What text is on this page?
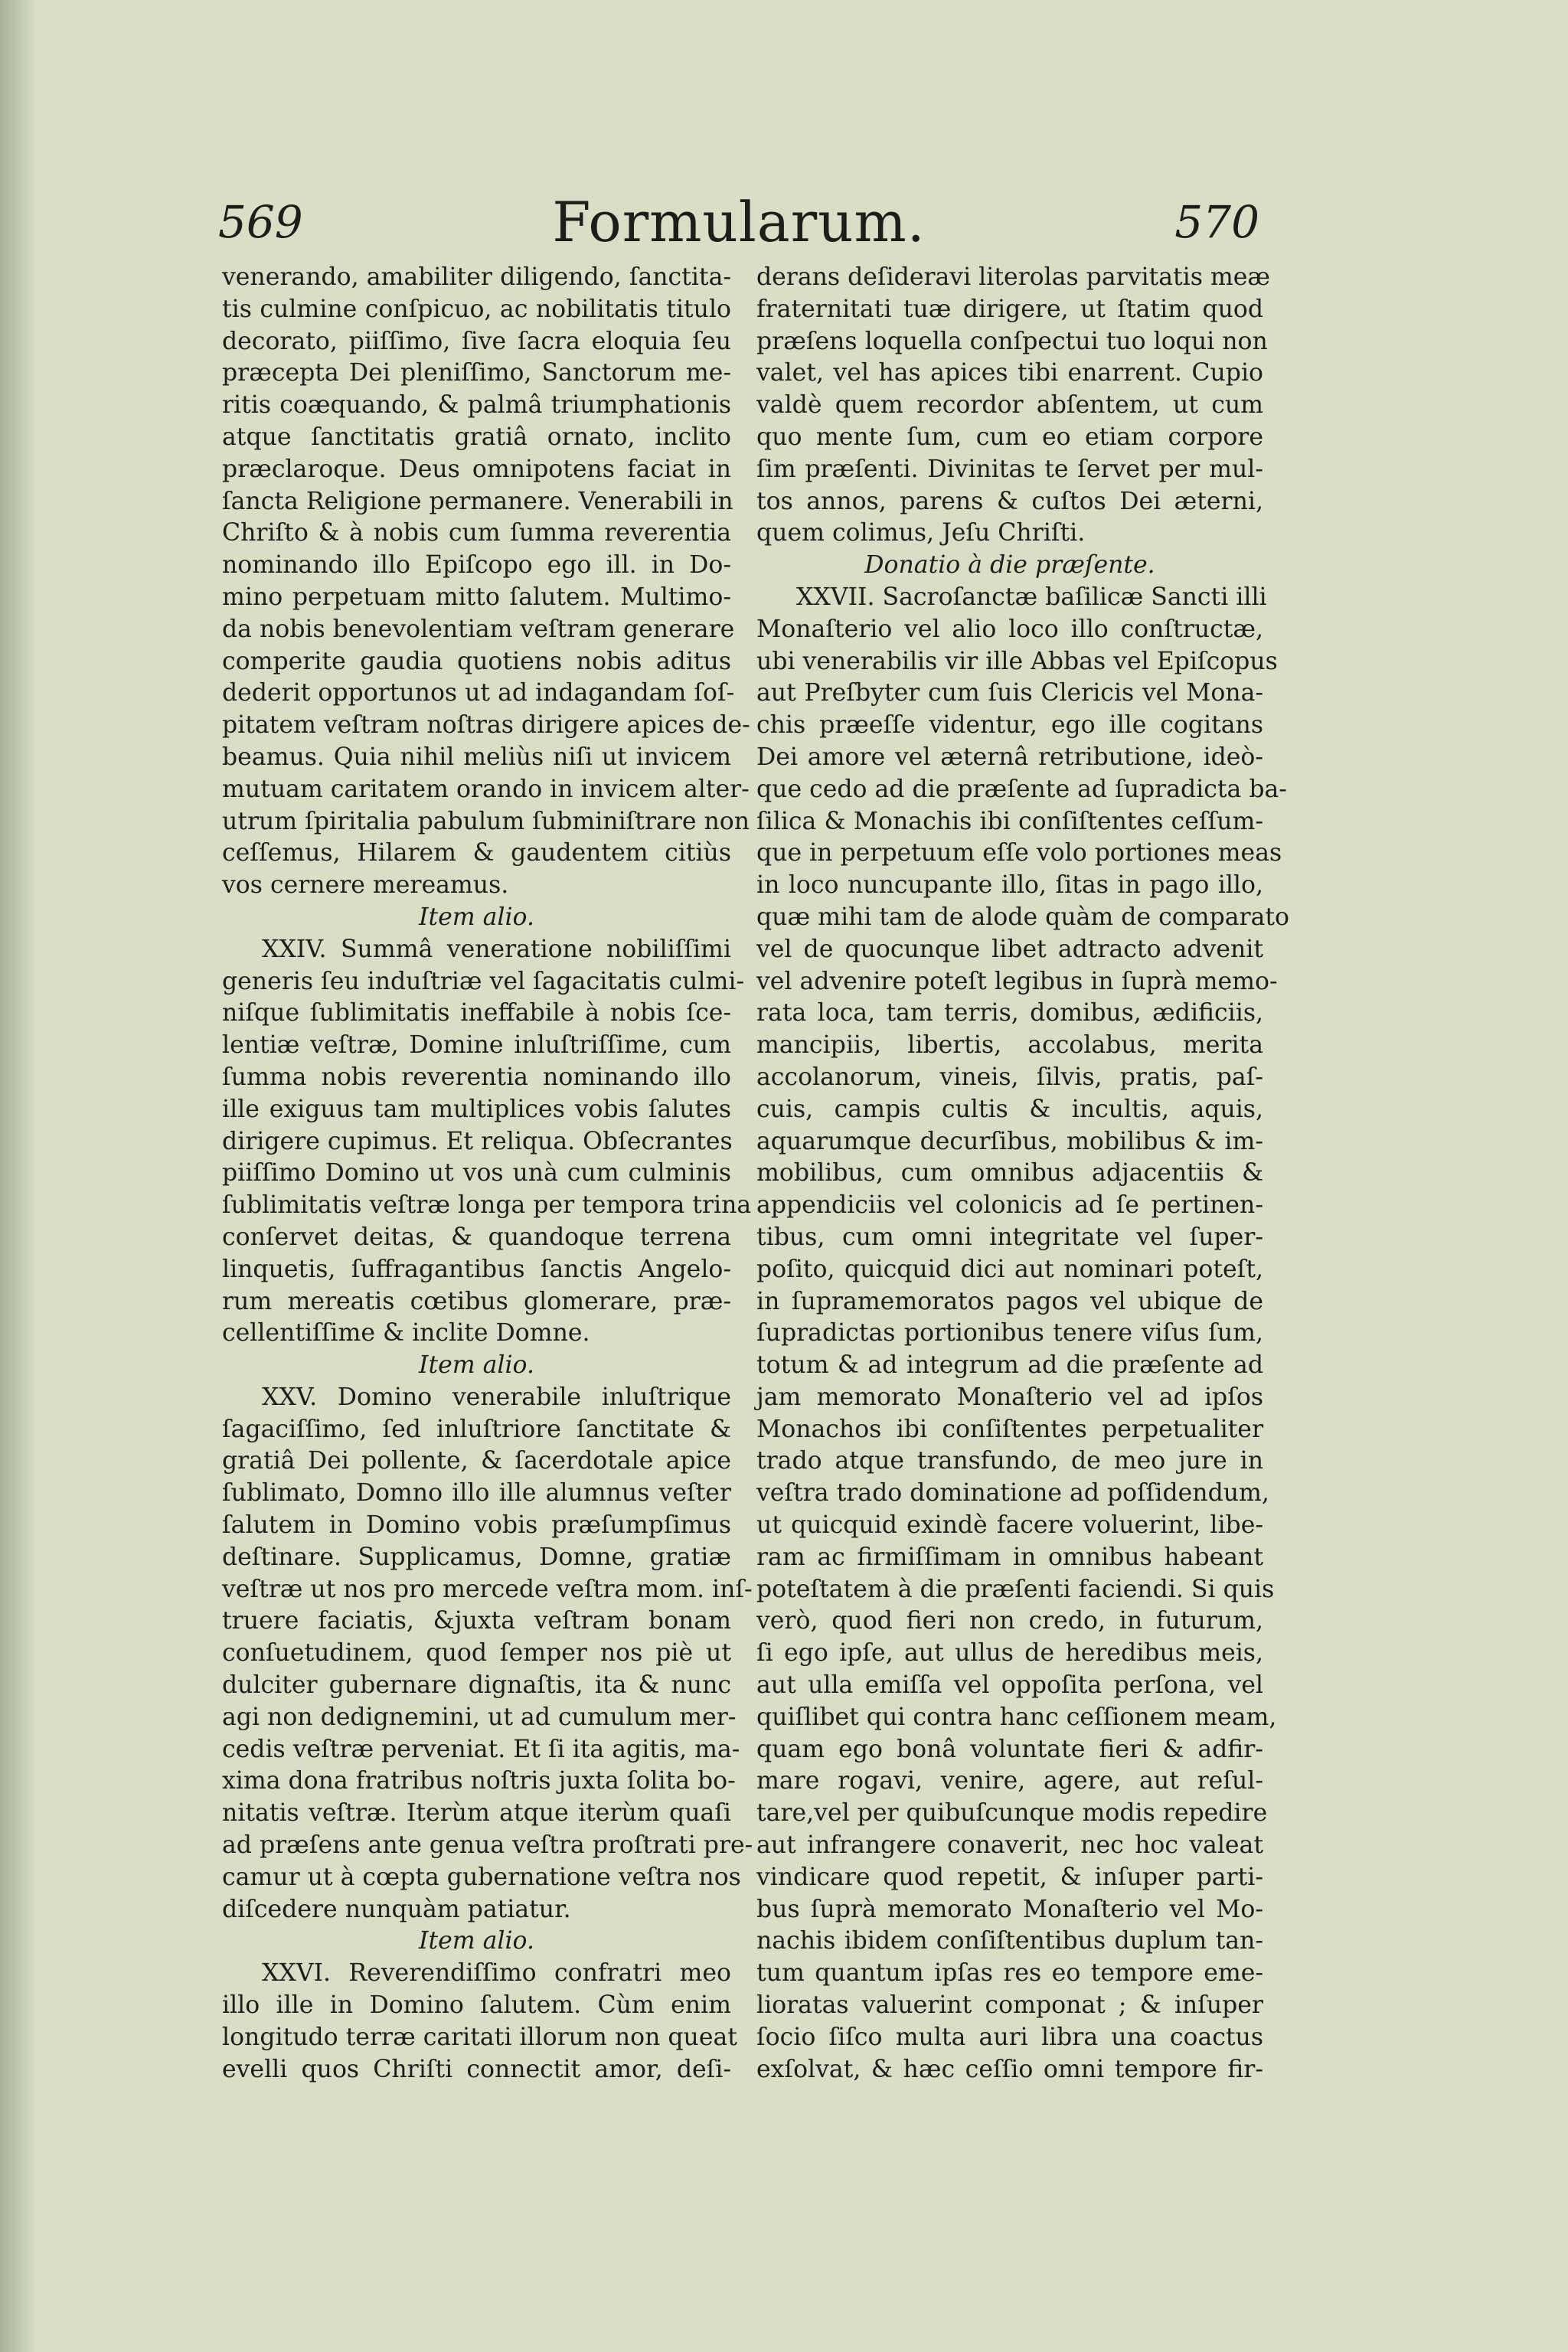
569	Formularum.	570
venerando, amabiliter diligendo, ſanctita-
tis culmine conſpicuo, ac nobilitatis titulo
decorato, piiſſimo, ſive ſacra eloquia ſeu
præcepta Dei pleniſſimo, Sanctorum me-
ritis coæquando, & palmâ triumphationis
atque ſanctitatis gratiâ ornato, inclito
præclaroque. Deus omnipotens faciat in
ſancta Religione permanere. Venerabili in
Chriſto & à nobis cum ſumma reverentia
nominando illo Epiſcopo ego ill. in Do-
mino perpetuam mitto ſalutem. Multimo-
da nobis benevolentiam veſtram generare
comperite gaudia quotiens nobis aditus
dederit opportunos ut ad indagandam ſoſ-
pitatem veſtram noſtras dirigere apices de-
beamus. Quia nihil meliùs niſi ut invicem
mutuam caritatem orando in invicem alter-
utrum ſpiritalia pabulum ſubminiſtrare non
ceſſemus, Hilarem & gaudentem citiùs
vos cernere mereamus.
Item alio.
XXIV. Summâ veneratione nobiliſſimi
generis ſeu induſtriæ vel ſagacitatis culmi-
niſque ſublimitatis ineffabile à nobis ſce-
lentiæ veſtræ, Domine inluſtriſſime, cum
ſumma nobis reverentia nominando illo
ille exiguus tam multiplices vobis ſalutes
dirigere cupimus. Et reliqua. Obſecrantes
piiſſimo Domino ut vos unà cum culminis
ſublimitatis veſtræ longa per tempora trina
conſervet deitas, & quandoque terrena
linquetis, ſuffragantibus ſanctis Angelo-
rum mereatis cœtibus glomerare, præ-
cellentiſſime & inclite Domne.
Item alio.
XXV. Domino venerabile inluſtrique
ſagaciſſimo, ſed inluſtriore ſanctitate &
gratiâ Dei pollente, & ſacerdotale apice
ſublimato, Domno illo ille alumnus veſter
ſalutem in Domino vobis præſumpſimus
deſtinare. Supplicamus, Domne, gratiæ
veſtræ ut nos pro mercede veſtra mom. inſ-
truere faciatis, &juxta veſtram bonam
conſuetudinem, quod ſemper nos piè ut
dulciter gubernare dignaſtis, ita & nunc
agi non dedignemini, ut ad cumulum mer-
cedis veſtræ perveniat. Et ſi ita agitis, ma-
xima dona fratribus noſtris juxta ſolita bo-
nitatis veſtræ. Iterùm atque iterùm quaſi
ad præſens ante genua veſtra proſtrati pre-
camur ut à cœpta gubernatione veſtra nos
diſcedere nunquàm patiatur.
Item alio.
XXVI. Reverendiſſimo confratri meo
illo ille in Domino ſalutem. Cùm enim
longitudo terræ caritati illorum non queat
evelli quos Chriſti connectit amor, deſi-
derans deſideravi literolas parvitatis meæ
fraternitati tuæ dirigere, ut ſtatim quod
præſens loquella conſpectui tuo loqui non
valet, vel has apices tibi enarrent. Cupio
valdè quem recordor abſentem, ut cum
quo mente ſum, cum eo etiam corpore
ſim præſenti. Divinitas te ſervet per mul-
tos annos, parens & cuſtos Dei æterni,
quem colimus, Jeſu Chriſti.
Donatio à die præſente.
XXVII. Sacroſanctæ baſilicæ Sancti illi
Monaſterio vel alio loco illo conſtructæ,
ubi venerabilis vir ille Abbas vel Epiſcopus
aut Preſbyter cum ſuis Clericis vel Mona-
chis præeſſe videntur, ego ille cogitans
Dei amore vel æternâ retributione, ideò-
que cedo ad die præſente ad ſupradicta ba-
ſilica & Monachis ibi conſiſtentes ceſſum-
que in perpetuum eſſe volo portiones meas
in loco nuncupante illo, ſitas in pago illo,
quæ mihi tam de alode quàm de comparato
vel de quocunque libet adtracto advenit
vel advenire poteſt legibus in ſuprà memo-
rata loca, tam terris, domibus, ædificiis,
mancipiis, libertis, accolabus, merita
accolanorum, vineis, ſilvis, pratis, paſ-
cuis, campis cultis & incultis, aquis,
aquarumque decurſibus, mobilibus & im-
mobilibus, cum omnibus adjacentiis &
appendiciis vel colonicis ad ſe pertinen-
tibus, cum omni integritate vel ſuper-
poſito, quicquid dici aut nominari poteſt,
in ſupramemoratos pagos vel ubique de
ſupradictas portionibus tenere viſus ſum,
totum & ad integrum ad die præſente ad
jam memorato Monaſterio vel ad ipſos
Monachos ibi conſiſtentes perpetualiter
trado atque transfundo, de meo jure in
veſtra trado dominatione ad poſſidendum,
ut quicquid exindè facere voluerint, libe-
ram ac firmiſſimam in omnibus habeant
poteſtatem à die præſenti faciendi. Si quis
verò, quod fieri non credo, in futurum,
ſi ego ipſe, aut ullus de heredibus meis,
aut ulla emiſſa vel oppoſita perſona, vel
quiſlibet qui contra hanc ceſſionem meam,
quam ego bonâ voluntate fieri & adfir-
mare rogavi, venire, agere, aut reſul-
tare,vel per quibuſcunque modis repedire
aut infrangere conaverit, nec hoc valeat
vindicare quod repetit, & inſuper parti-
bus ſuprà memorato Monaſterio vel Mo-
nachis ibidem conſiſtentibus duplum tan-
tum quantum ipſas res eo tempore eme-
lioratas valuerint componat ; & inſuper
ſocio ſiſco multa auri libra una coactus
exſolvat, & hæc ceſſio omni tempore fir-
